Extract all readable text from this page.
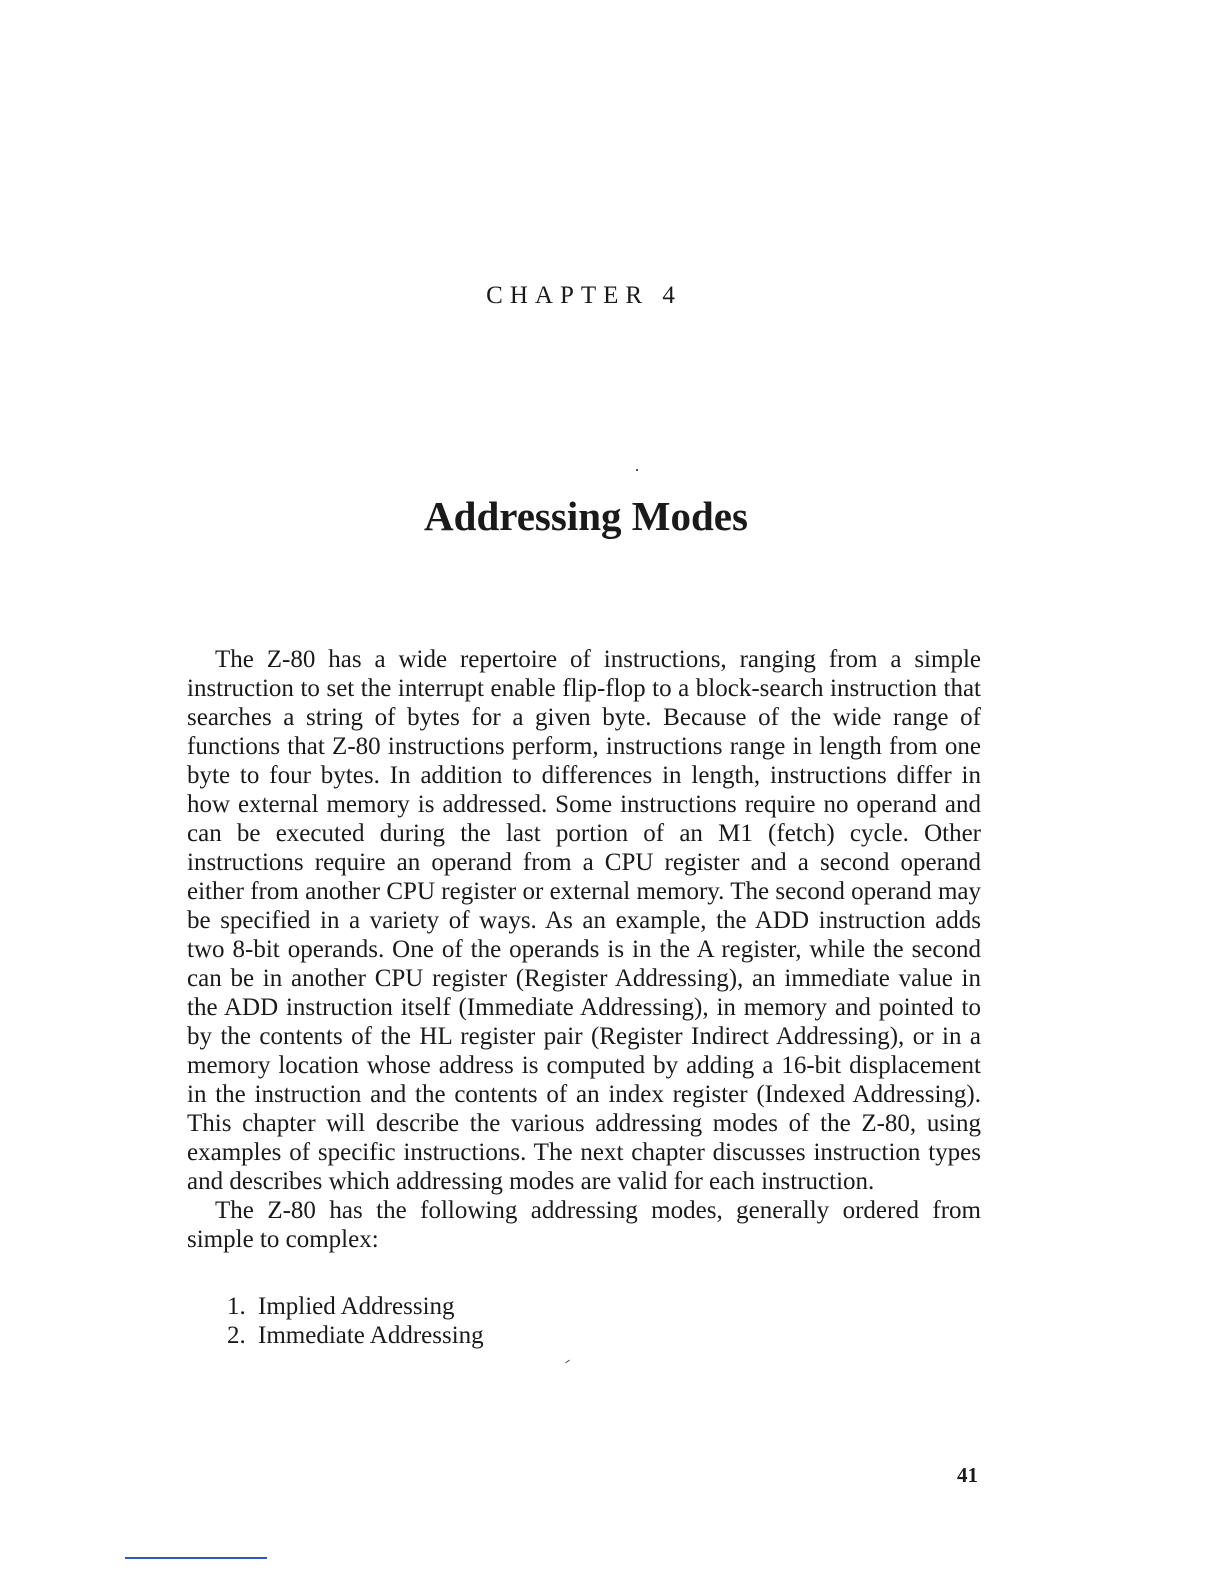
CHAPTER 4
Addressing Modes

The Z-80 has a wide repertoire of instructions, ranging from a simple instruction to set the interrupt enable flip-flop to a block-search instruction that searches a string of bytes for a given byte. Because of the wide range of functions that Z-80 instructions perform, instructions range in length from one byte to four bytes. In addition to differences in length, instructions differ in how external memory is addressed. Some instructions require no operand and can be executed during the last portion of an M1 (fetch) cycle. Other instructions require an operand from a CPU register and a second operand either from another CPU register or external memory. The second operand may be specified in a variety of ways. As an example, the ADD instruction adds two 8-bit operands. One of the operands is in the A register, while the second can be in another CPU register (Register Addressing), an immediate value in the ADD instruction itself (Immediate Addressing), in memory and pointed to by the contents of the HL register pair (Register Indirect Addressing), or in a memory location whose address is computed by adding a 16-bit displacement in the instruction and the contents of an index register (Indexed Addressing). This chapter will describe the various addressing modes of the Z-80, using examples of specific instructions. The next chapter discusses instruction types and describes which addressing modes are valid for each instruction.

The Z-80 has the following addressing modes, generally ordered from simple to complex:

1. Implied Addressing
2. Immediate Addressing
41
